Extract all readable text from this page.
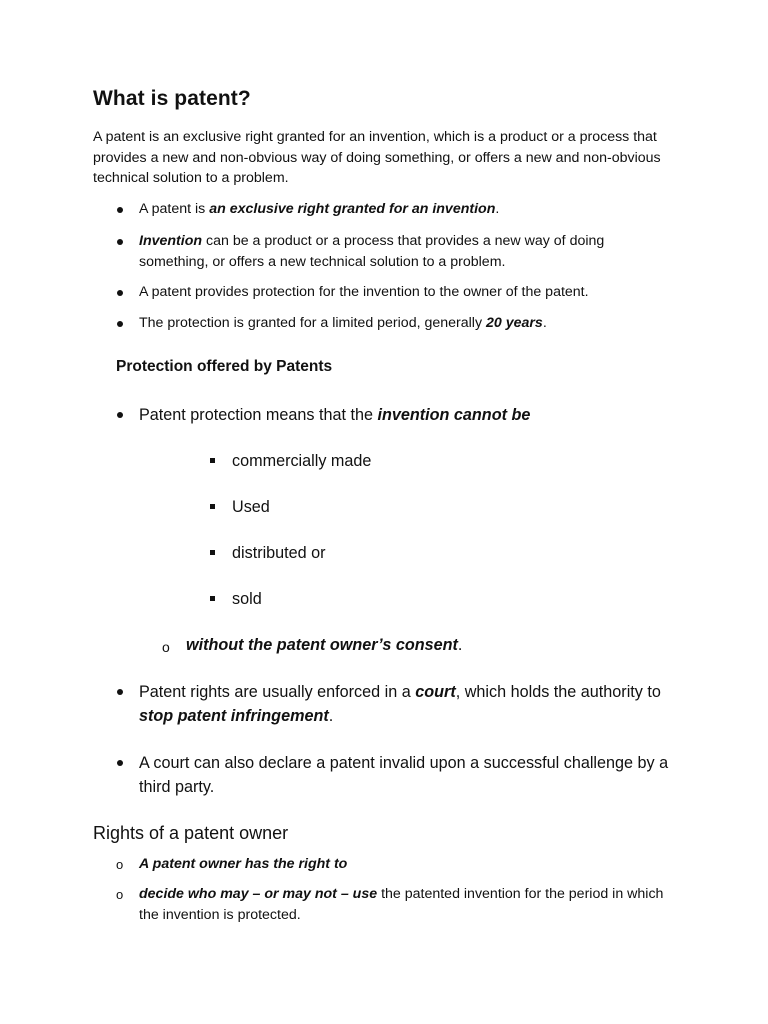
What is patent?

A patent is an exclusive right granted for an invention, which is a product or a process that provides a new and non-obvious way of doing something, or offers a new and non-obvious technical solution to a problem.

A patent is an exclusive right granted for an invention.

Invention can be a product or a process that provides a new way of doing something, or offers a new technical solution to a problem.

A patent provides protection for the invention to the owner of the patent.

The protection is granted for a limited period, generally 20 years.

Protection offered by Patents

Patent protection means that the invention cannot be

commercially made

Used

distributed or

sold

o without the patent owner’s consent.

Patent rights are usually enforced in a court, which holds the authority to stop patent infringement.

A court can also declare a patent invalid upon a successful challenge by a third party.

Rights of a patent owner
o A patent owner has the right to

o decide who may – or may not – use the patented invention for the period in which the invention is protected.
